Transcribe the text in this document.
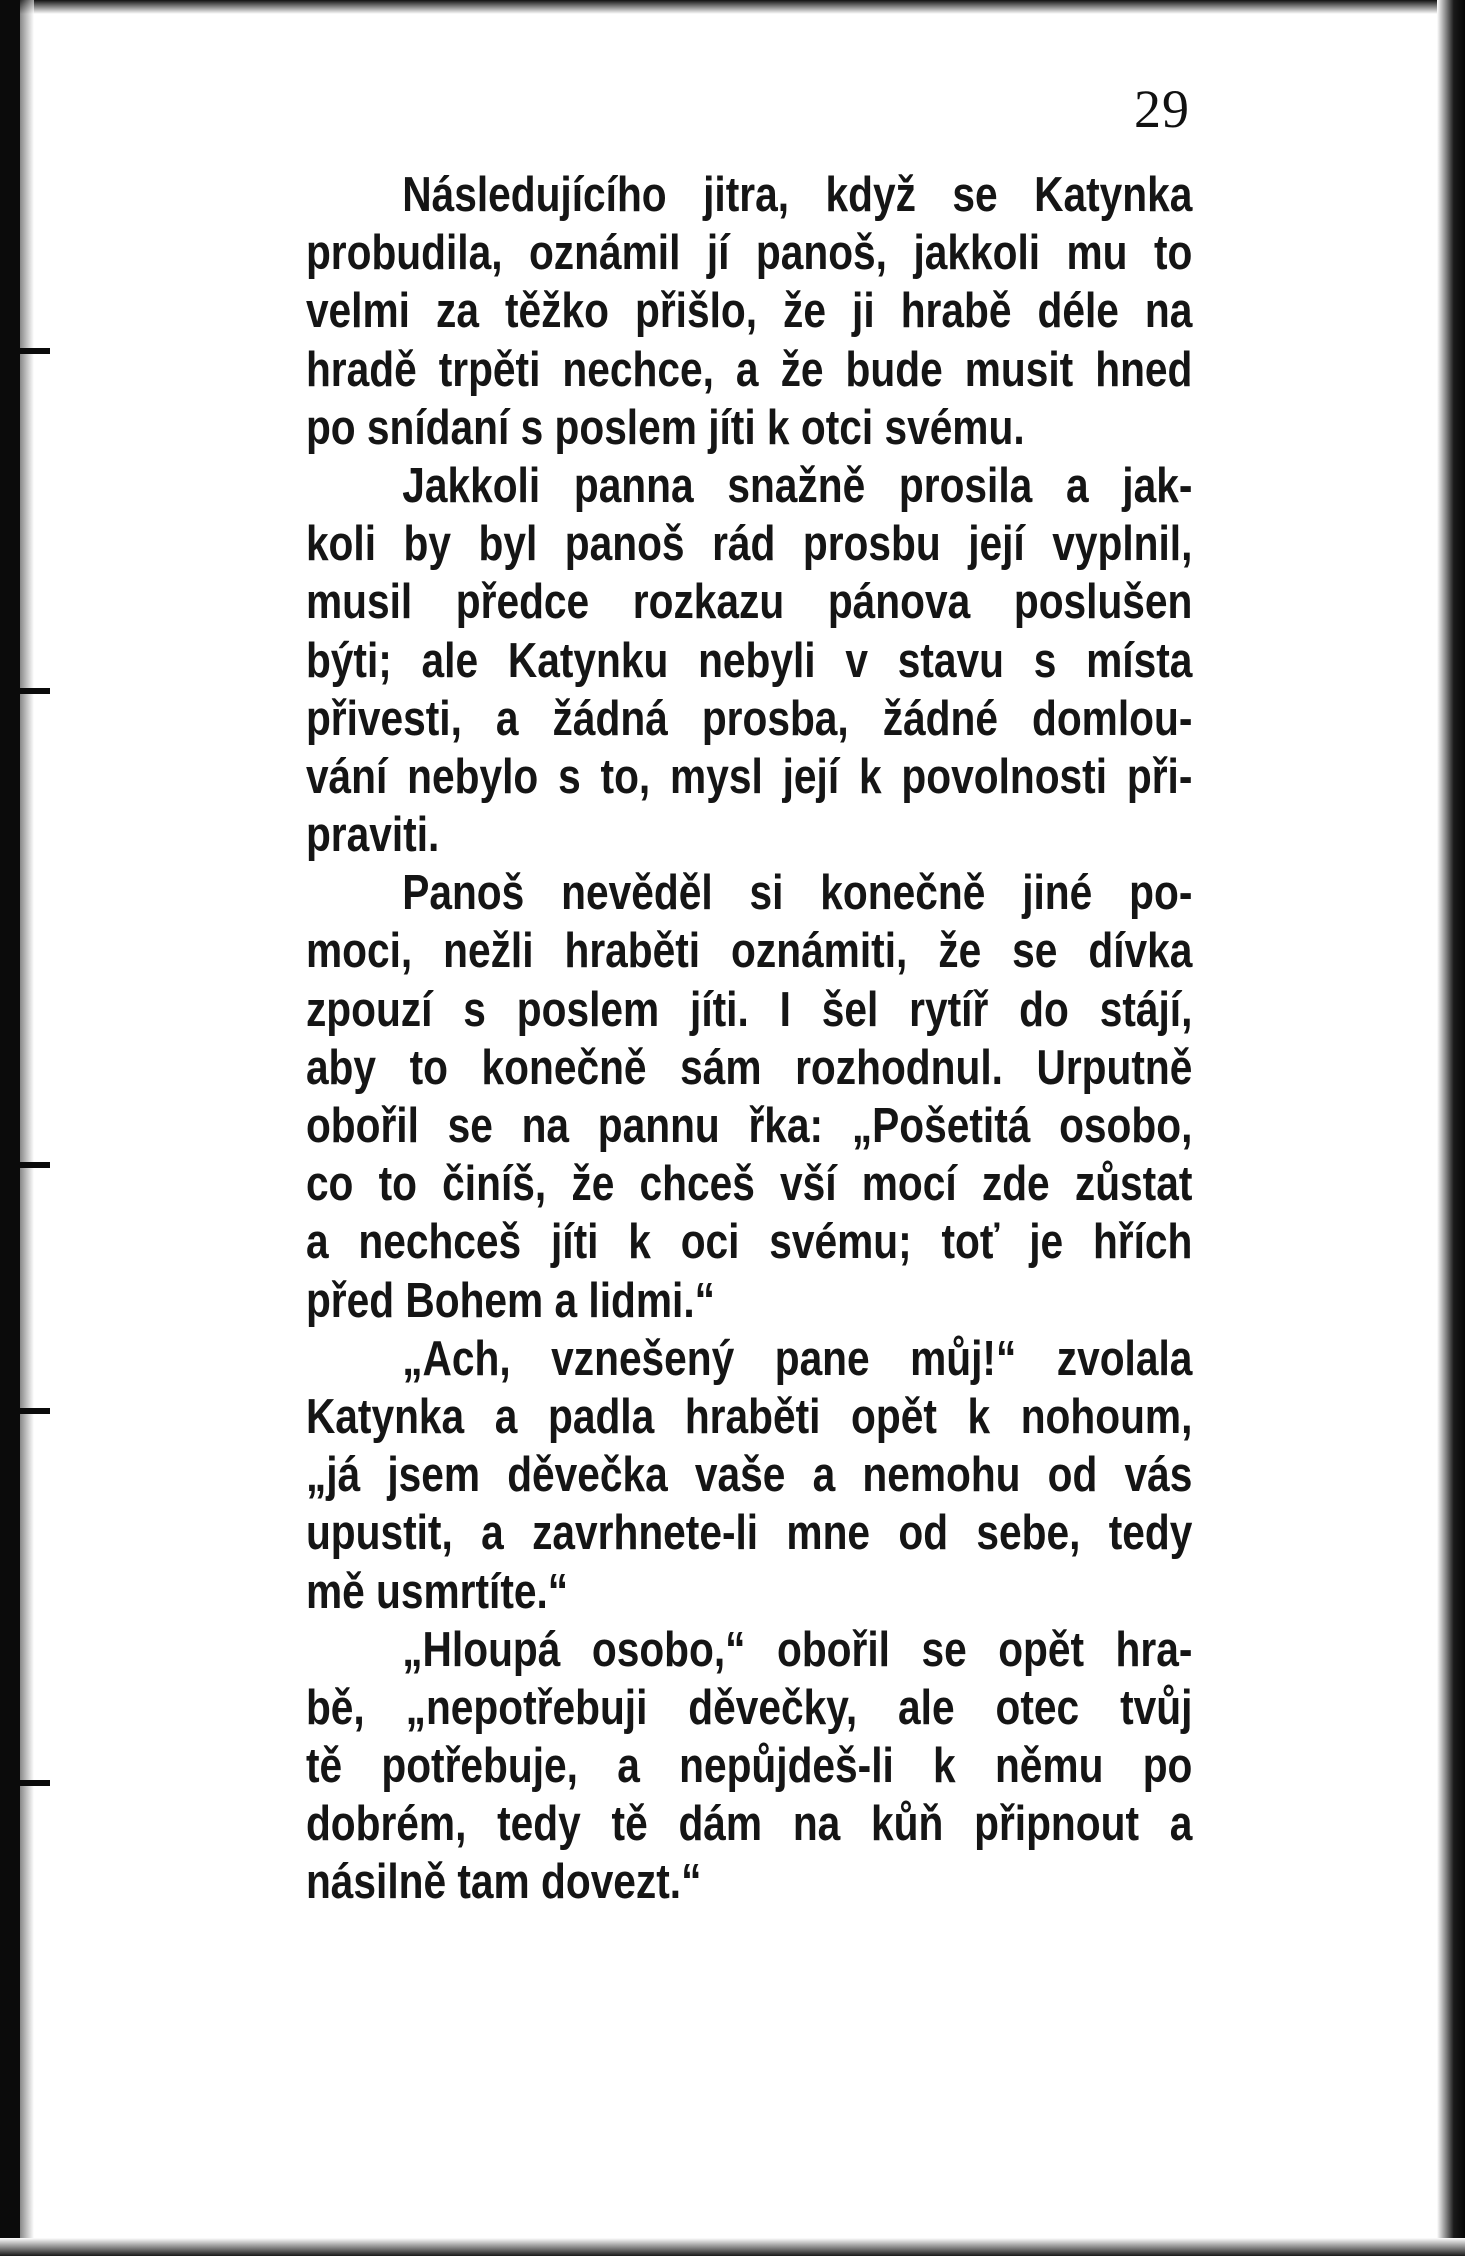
29
Následujícího jitra, když se Katynka
probudila, oznámil jí panoš, jakkoli mu to
velmi za těžko přišlo, že ji hrabě déle na
hradě trpěti nechce, a že bude musit hned
po snídaní s poslem jíti k otci svému.
Jakkoli panna snažně prosila a jak-
koli by byl panoš rád prosbu její vyplnil,
musil předce rozkazu pánova poslušen
býti; ale Katynku nebyli v stavu s místa
přivesti, a žádná prosba, žádné domlou-
vání nebylo s to, mysl její k povolnosti při-
praviti.
Panoš nevěděl si konečně jiné po-
moci, nežli hraběti oznámiti, že se dívka
zpouzí s poslem jíti. I šel rytíř do stájí,
aby to konečně sám rozhodnul. Urputně
obořil se na pannu řka: „Pošetitá osobo,
co to činíš, že chceš vší mocí zde zůstat
a nechceš jíti k oci svému; toť je hřích
před Bohem a lidmi.“
„Ach, vznešený pane můj!“ zvolala
Katynka a padla hraběti opět k nohoum,
„já jsem děvečka vaše a nemohu od vás
upustit, a zavrhnete-li mne od sebe, tedy
mě usmrtíte.“
„Hloupá osobo,“ obořil se opět hra-
bě, „nepotřebuji děvečky, ale otec tvůj
tě potřebuje, a nepůjdeš-li k němu po
dobrém, tedy tě dám na kůň připnout a
násilně tam dovezt.“
